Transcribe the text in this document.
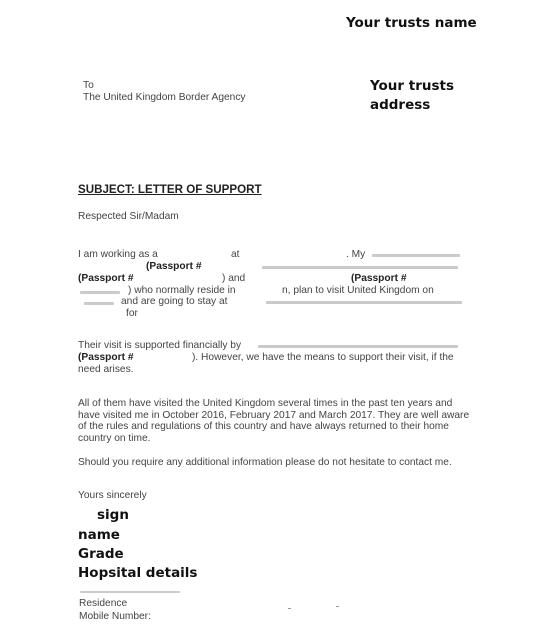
Your trusts name
Your trusts
address
To
The United Kingdom Border Agency
SUBJECT: LETTER OF SUPPORT
Respected Sir/Madam
I am working as a	at	. My
(Passport #
(Passport #	) and	(Passport #
) who normally reside in	n, plan to visit United Kingdom on
and are going to stay at
for
Their visit is supported financially by
(Passport #	). However, we have the means to support their visit, if the
need arises.

All of them have visited the United Kingdom several times in the past ten years and have visited me in October 2016, February 2017 and March 2017. They are well aware of the rules and regulations of this country and have always returned to their home country on time.

Should you require any additional information please do not hesitate to contact me.

Yours sincerely
sign
name
Grade
Hopsital details
Residence
Mobile Number:
